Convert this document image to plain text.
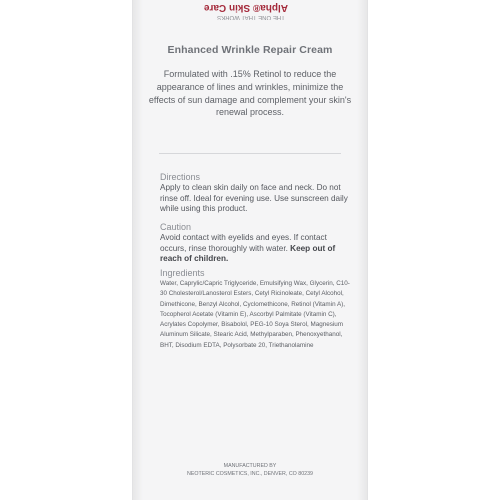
Alpha® Skin Care
THE ONE THAT WORKS
Enhanced Wrinkle Repair Cream
Formulated with .15% Retinol to reduce the appearance of lines and wrinkles, minimize the effects of sun damage and complement your skin's renewal process.
Directions
Apply to clean skin daily on face and neck. Do not rinse off. Ideal for evening use. Use sunscreen daily while using this product.
Caution
Avoid contact with eyelids and eyes. If contact occurs, rinse thoroughly with water. Keep out of reach of children.
Ingredients
Water, Caprylic/Capric Triglyceride, Emulsifying Wax, Glycerin, C10-30 Cholesterol/Lanosterol Esters, Cetyl Ricinoleate, Cetyl Alcohol, Dimethicone, Benzyl Alcohol, Cyclomethicone, Retinol (Vitamin A), Tocopherol Acetate (Vitamin E), Ascorbyl Palmitate (Vitamin C), Acrylates Copolymer, Bisabolol, PEG-10 Soya Sterol, Magnesium Aluminum Silicate, Stearic Acid, Methylparaben, Phenoxyethanol, BHT, Disodium EDTA, Polysorbate 20, Triethanolamine
MANUFACTURED BY
NEOTERIC COSMETICS, INC., DENVER, CO 80239
